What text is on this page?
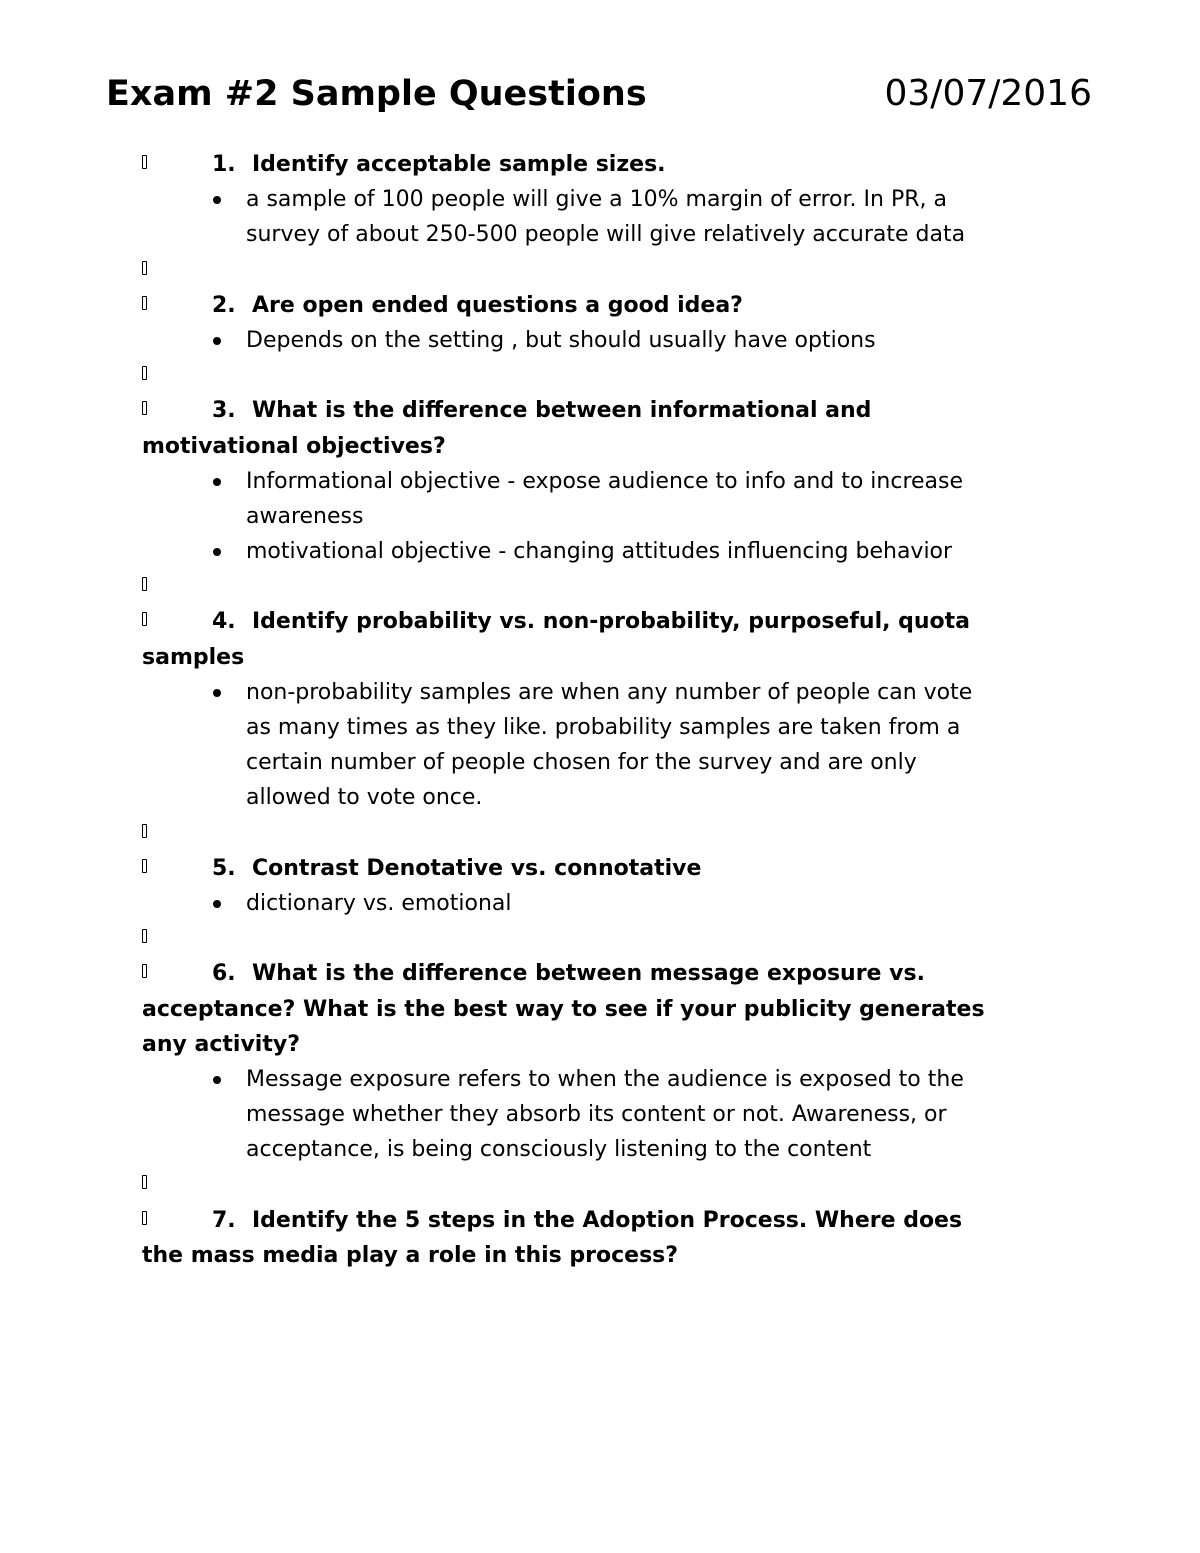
Exam #2 Sample Questions	03/07/2016
1. Identify acceptable sample sizes.
a sample of 100 people will give a 10% margin of error. In PR, a
survey of about 250-500 people will give relatively accurate data
2. Are open ended questions a good idea?
Depends on the setting , but should usually have options
3. What is the difference between informational and
motivational objectives?
Informational objective - expose audience to info and to increase
awareness
motivational objective - changing attitudes influencing behavior
4. Identify probability vs. non-probability, purposeful, quota
samples
non-probability samples are when any number of people can vote
as many times as they like. probability samples are taken from a
certain number of people chosen for the survey and are only
allowed to vote once.
5. Contrast Denotative vs. connotative
dictionary vs. emotional
6. What is the difference between message exposure vs.
acceptance? What is the best way to see if your publicity generates
any activity?
Message exposure refers to when the audience is exposed to the
message whether they absorb its content or not. Awareness, or
acceptance, is being consciously listening to the content
7. Identify the 5 steps in the Adoption Process. Where does
the mass media play a role in this process?
